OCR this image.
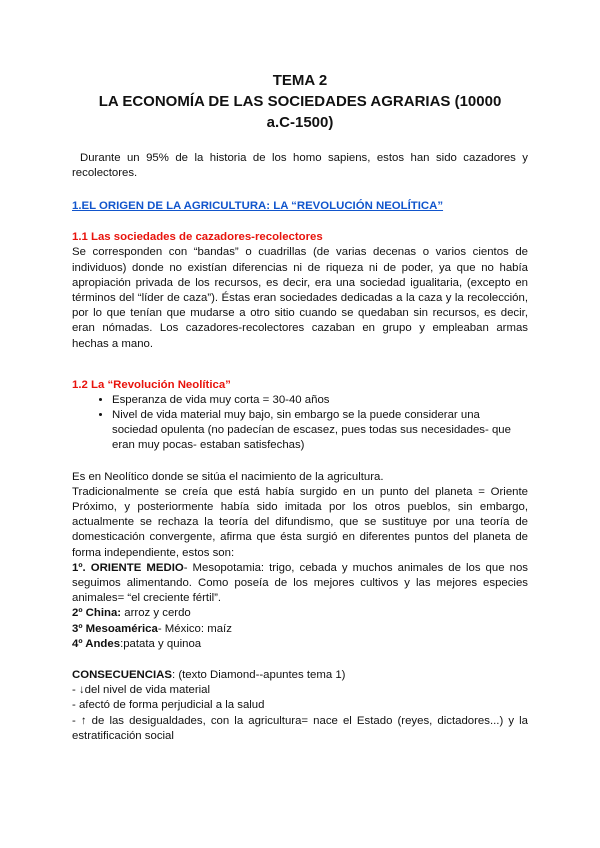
TEMA 2

LA ECONOMÍA DE LAS SOCIEDADES AGRARIAS (10000

a.C-1500)

Durante un 95% de la historia de los homo sapiens, estos han sido cazadores y recolectores.

1.EL ORIGEN DE LA AGRICULTURA: LA “REVOLUCIÓN NEOLÍTICA”
1.1 Las sociedades de cazadores-recolectores

Se corresponden con “bandas” o cuadrillas (de varias decenas o varios cientos de individuos) donde no existían diferencias ni de riqueza ni de poder, ya que no había apropiación privada de los recursos, es decir, era una sociedad igualitaria, (excepto en términos del “líder de caza”). Éstas eran sociedades dedicadas a la caza y la recolección, por lo que tenían que mudarse a otro sitio cuando se quedaban sin recursos, es decir, eran nómadas. Los cazadores-recolectores cazaban en grupo y empleaban armas hechas a mano.

1.2 La “Revolución Neolítica”
• Esperanza de vida muy corta = 30-40 años
• Nivel de vida material muy bajo, sin embargo se la puede considerar una sociedad opulenta (no padecían de escasez, pues todas sus necesidades- que eran muy pocas- estaban satisfechas)

Es en Neolítico donde se sitúa el nacimiento de la agricultura.

Tradicionalmente se creía que está había surgido en un punto del planeta = Oriente Próximo, y posteriormente había sido imitada por los otros pueblos, sin embargo, actualmente se rechaza la teoría del difundismo, que se sustituye por una teoría de domesticación convergente, afirma que ésta surgió en diferentes puntos del planeta de forma independiente, estos son:

1º. ORIENTE MEDIO- Mesopotamia: trigo, cebada y muchos animales de los que nos seguimos alimentando. Como poseía de los mejores cultivos y las mejores especies animales= “el creciente fértil”.

2º China: arroz y cerdo

3º Mesoamérica- México: maíz

4º Andes:patata y quinoa

CONSECUENCIAS: (texto Diamond--apuntes tema 1)

- ↓del nivel de vida material

- afectó de forma perjudicial a la salud

- ↑ de las desigualdades, con la agricultura= nace el Estado (reyes, dictadores...) y la estratificación social
